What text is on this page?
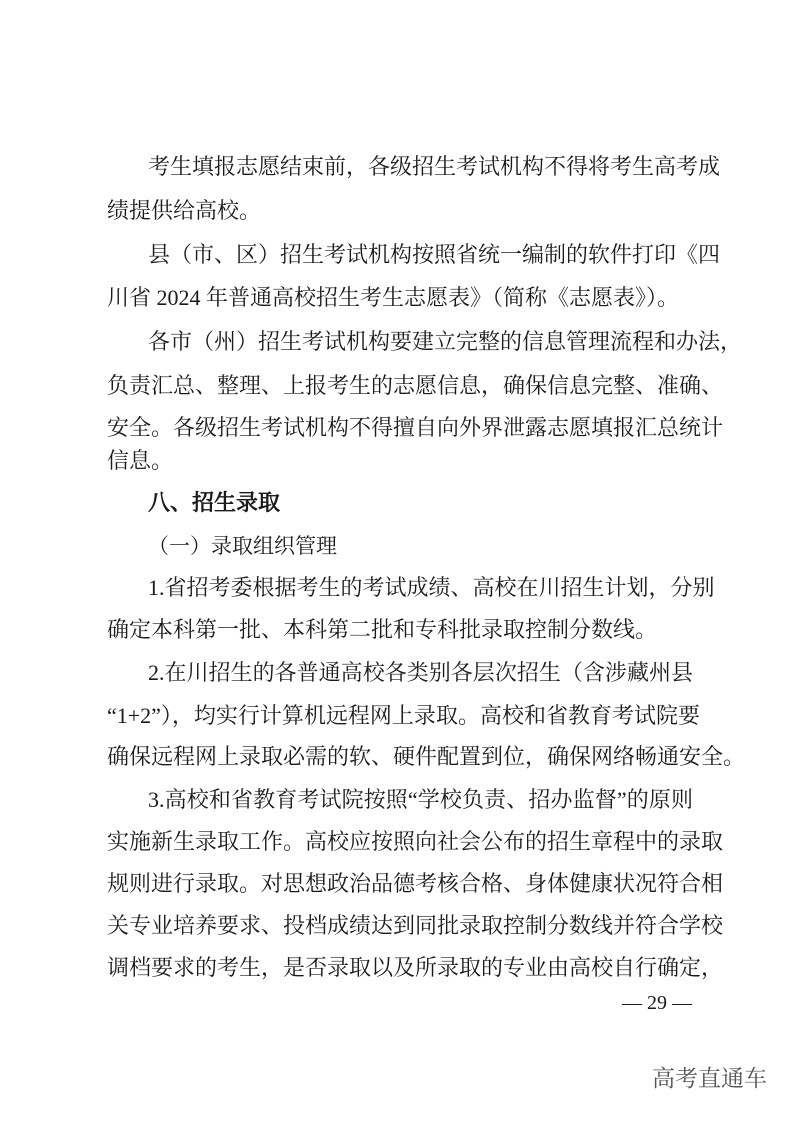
考生填报志愿结束前，各级招生考试机构不得将考生高考成
绩提供给高校。
县（市、区）招生考试机构按照省统一编制的软件打印《四
川省 2024 年普通高校招生考生志愿表》（简称《志愿表》）。
各市（州）招生考试机构要建立完整的信息管理流程和办法，
负责汇总、整理、上报考生的志愿信息，确保信息完整、准确、
安全。各级招生考试机构不得擅自向外界泄露志愿填报汇总统计
信息。
八、招生录取
（一）录取组织管理
1.省招考委根据考生的考试成绩、高校在川招生计划，分别
确定本科第一批、本科第二批和专科批录取控制分数线。
2.在川招生的各普通高校各类别各层次招生（含涉藏州县
“1+2”），均实行计算机远程网上录取。高校和省教育考试院要
确保远程网上录取必需的软、硬件配置到位，确保网络畅通安全。
3.高校和省教育考试院按照“学校负责、招办监督”的原则
实施新生录取工作。高校应按照向社会公布的招生章程中的录取
规则进行录取。对思想政治品德考核合格、身体健康状况符合相
关专业培养要求、投档成绩达到同批录取控制分数线并符合学校
调档要求的考生，是否录取以及所录取的专业由高校自行确定，
— 29 —
高考直通车
